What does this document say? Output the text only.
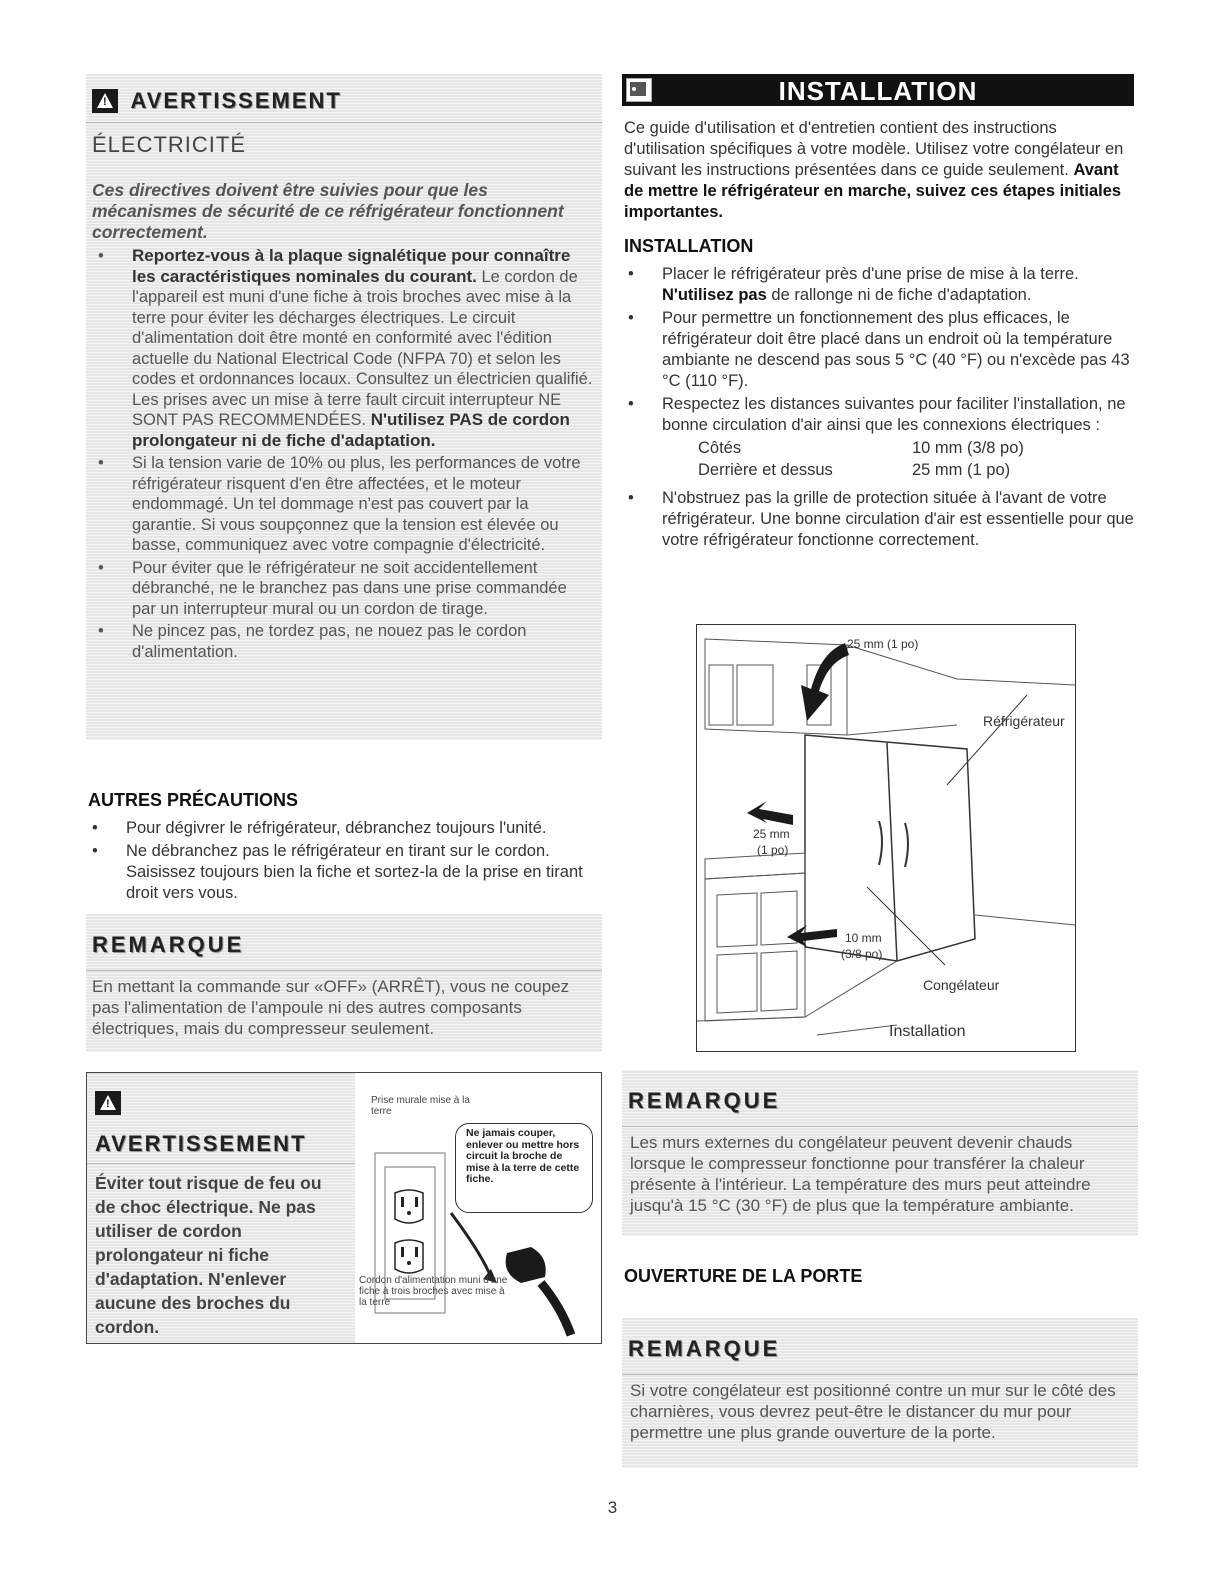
! AVERTISSEMENT
ÉLECTRICITÉ
Ces directives doivent être suivies pour que les mécanismes de sécurité de ce réfrigérateur fonctionnent correctement.
• Reportez-vous à la plaque signalétique pour connaître les caractéristiques nominales du courant. Le cordon de l'appareil est muni d'une fiche à trois broches avec mise à la terre pour éviter les décharges électriques. Le circuit d'alimentation doit être monté en conformité avec l'édition actuelle du National Electrical Code (NFPA 70) et selon les codes et ordonnances locaux. Consultez un électricien qualifié. Les prises avec un mise à terre fault circuit interrupteur NE SONT PAS RECOMMENDÉES. N'utilisez PAS de cordon prolongateur ni de fiche d'adaptation.
• Si la tension varie de 10% ou plus, les performances de votre réfrigérateur risquent d'en être affectées, et le moteur endommagé. Un tel dommage n'est pas couvert par la garantie. Si vous soupçonnez que la tension est élevée ou basse, communiquez avec votre compagnie d'électricité.
• Pour éviter que le réfrigérateur ne soit accidentellement débranché, ne le branchez pas dans une prise commandée par un interrupteur mural ou un cordon de tirage.
• Ne pincez pas, ne tordez pas, ne nouez pas le cordon d'alimentation.
AUTRES PRÉCAUTIONS
• Pour dégivrer le réfrigérateur, débranchez toujours l'unité.
• Ne débranchez pas le réfrigérateur en tirant sur le cordon. Saisissez toujours bien la fiche et sortez-la de la prise en tirant droit vers vous.
REMARQUE
En mettant la commande sur «OFF» (ARRÊT), vous ne coupez pas l'alimentation de l'ampoule ni des autres composants électriques, mais du compresseur seulement.
!
AVERTISSEMENT
Éviter tout risque de feu ou de choc électrique. Ne pas utiliser de cordon prolongateur ni fiche d'adaptation. N'enlever aucune des broches du cordon.
Prise murale mise à la terre
Ne jamais couper, enlever ou mettre hors circuit la broche de mise à la terre de cette fiche.
Cordon d'alimentation muni d'une fiche à trois broches avec mise à la terre
INSTALLATION
Ce guide d'utilisation et d'entretien contient des instructions d'utilisation spécifiques à votre modèle. Utilisez votre congélateur en suivant les instructions présentées dans ce guide seulement. Avant de mettre le réfrigérateur en marche, suivez ces étapes initiales importantes.
INSTALLATION
• Placer le réfrigérateur près d'une prise de mise à la terre. N'utilisez pas de rallonge ni de fiche d'adaptation.
• Pour permettre un fonctionnement des plus efficaces, le réfrigérateur doit être placé dans un endroit où la température ambiante ne descend pas sous 5 °C (40 °F) ou n'excède pas 43 °C (110 °F).
• Respectez les distances suivantes pour faciliter l'installation, ne bonne circulation d'air ainsi que les connexions électriques :
Côtés	10 mm (3/8 po)
Derrière et dessus	25 mm (1 po)
• N'obstruez pas la grille de protection située à l'avant de votre réfrigérateur. Une bonne circulation d'air est essentielle pour que votre réfrigérateur fonctionne correctement.
25 mm (1 po)
Réfrigérateur
25 mm
(1 po)
10 mm
(3/8 po)
Congélateur
Installation
REMARQUE
Les murs externes du congélateur peuvent devenir chauds lorsque le compresseur fonctionne pour transférer la chaleur présente à l'intérieur. La température des murs peut atteindre jusqu'à 15 °C (30 °F) de plus que la température ambiante.
OUVERTURE DE LA PORTE
REMARQUE
Si votre congélateur est positionné contre un mur sur le côté des charnières, vous devrez peut-être le distancer du mur pour permettre une plus grande ouverture de la porte.
3
